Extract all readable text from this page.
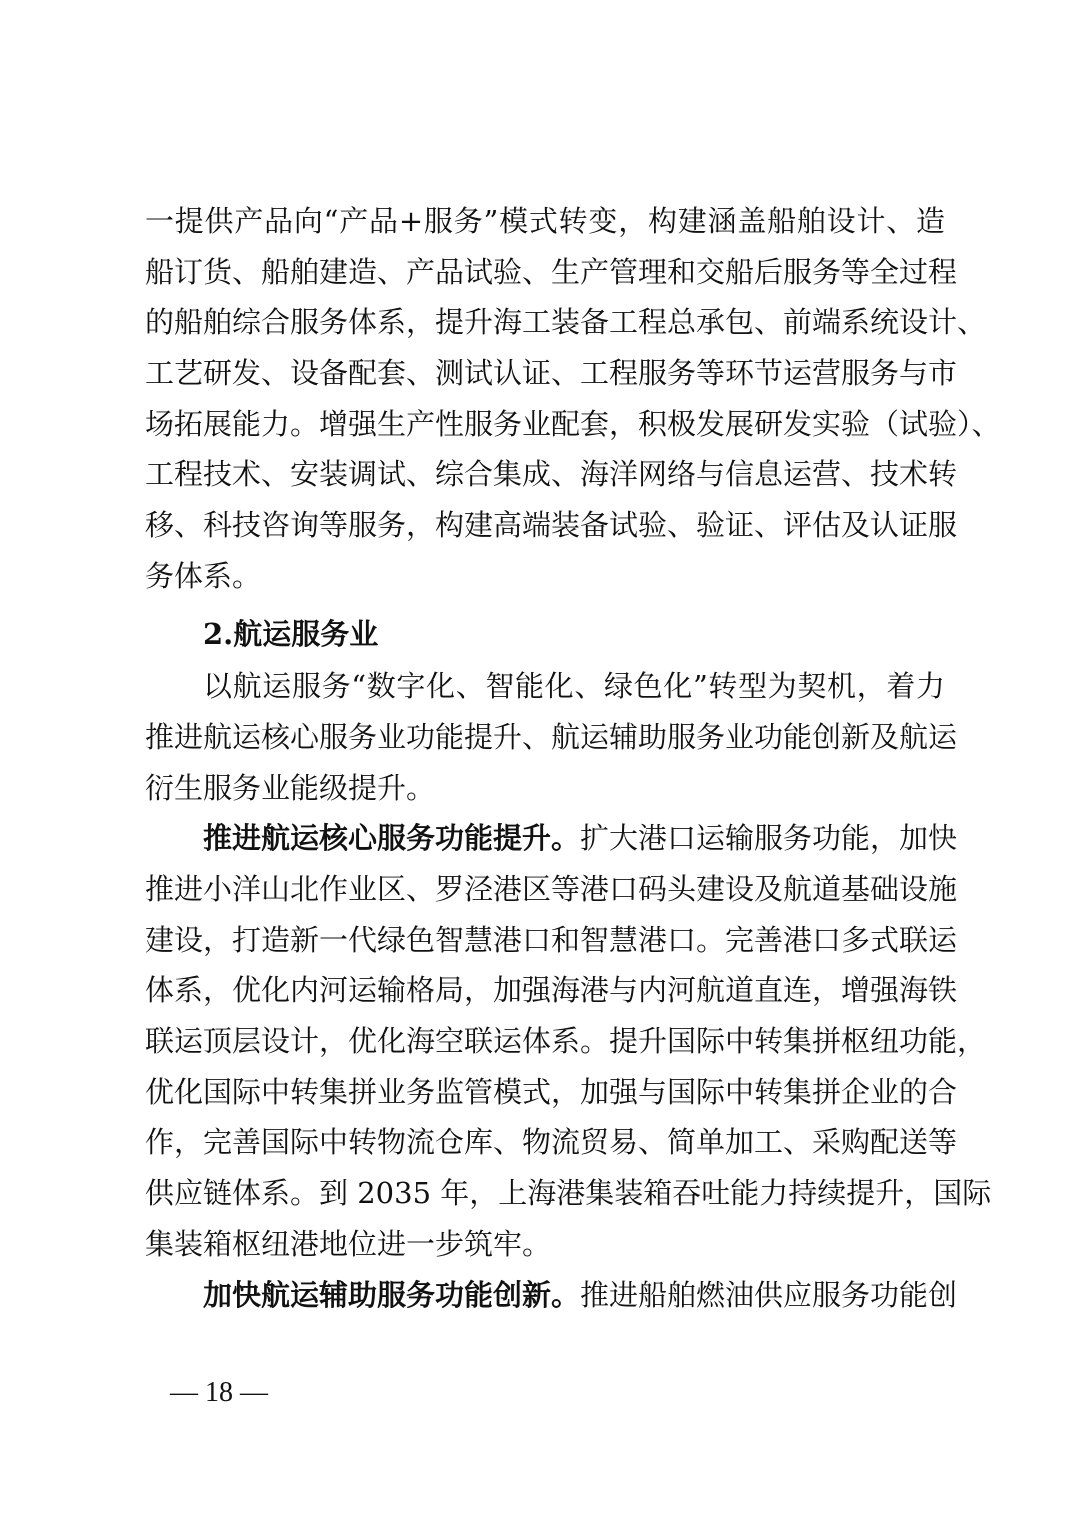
一提供产品向“产品+服务”模式转变，构建涵盖船舶设计、造
船订货、船舶建造、产品试验、生产管理和交船后服务等全过程
的船舶综合服务体系，提升海工装备工程总承包、前端系统设计、
工艺研发、设备配套、测试认证、工程服务等环节运营服务与市
场拓展能力。增强生产性服务业配套，积极发展研发实验（试验）、
工程技术、安装调试、综合集成、海洋网络与信息运营、技术转
移、科技咨询等服务，构建高端装备试验、验证、评估及认证服
务体系。
2.航运服务业
以航运服务“数字化、智能化、绿色化”转型为契机，着力
推进航运核心服务业功能提升、航运辅助服务业功能创新及航运
衍生服务业能级提升。
推进航运核心服务功能提升。扩大港口运输服务功能，加快
推进小洋山北作业区、罗泾港区等港口码头建设及航道基础设施
建设，打造新一代绿色智慧港口和智慧港口。完善港口多式联运
体系，优化内河运输格局，加强海港与内河航道直连，增强海铁
联运顶层设计，优化海空联运体系。提升国际中转集拼枢纽功能，
优化国际中转集拼业务监管模式，加强与国际中转集拼企业的合
作，完善国际中转物流仓库、物流贸易、简单加工、采购配送等
供应链体系。到 2035 年，上海港集装箱吞吐能力持续提升，国际
集装箱枢纽港地位进一步筑牢。
加快航运辅助服务功能创新。推进船舶燃油供应服务功能创
— 18 —
